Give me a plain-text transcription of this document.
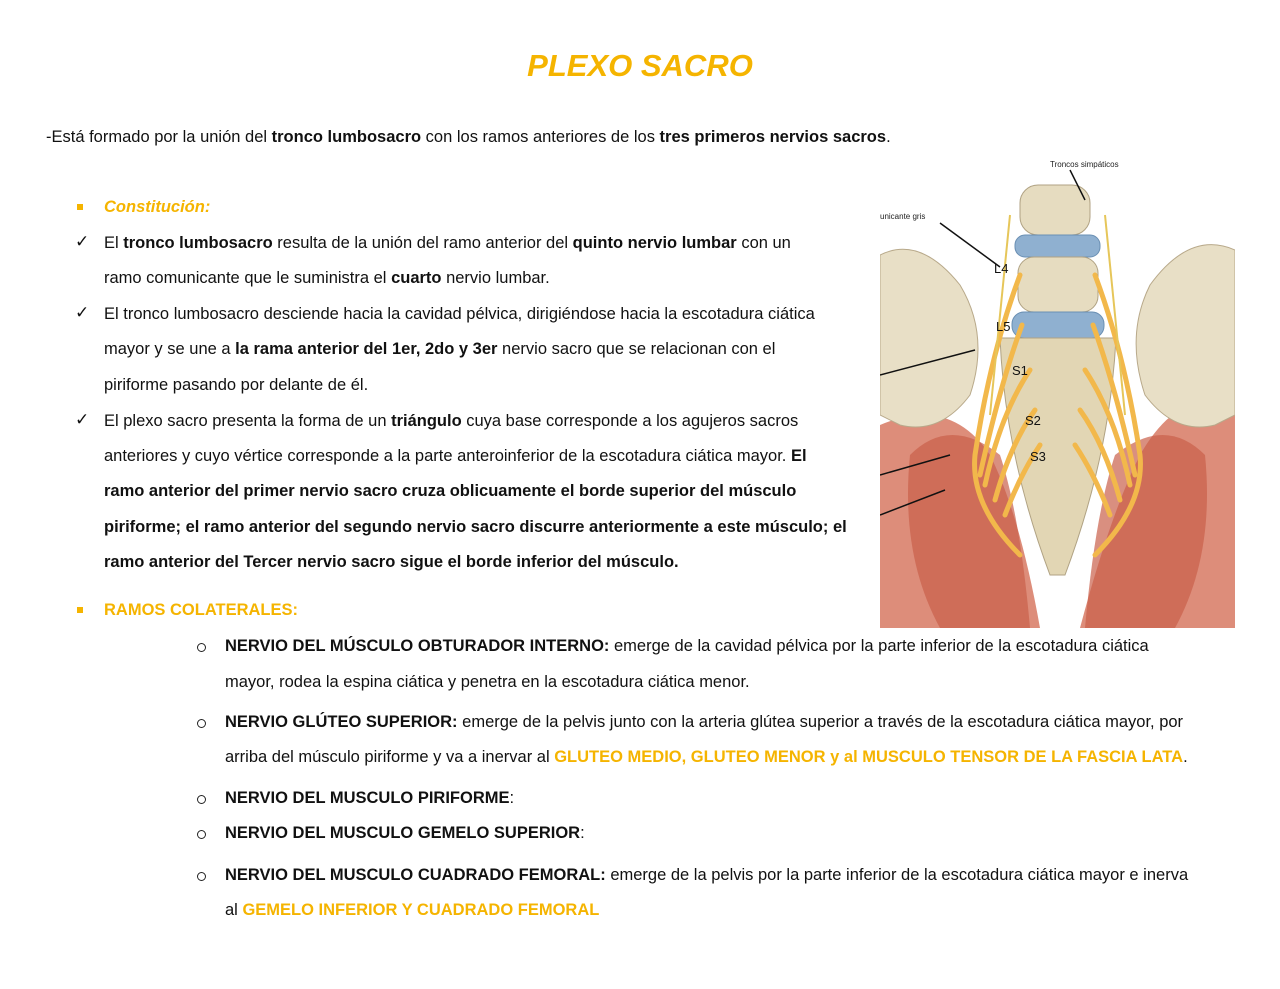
PLEXO SACRO
-Está formado por la unión del tronco lumbosacro con los ramos anteriores de los tres primeros nervios sacros.
Constitución:
✓ El tronco lumbosacro resulta de la unión del ramo anterior del quinto nervio lumbar con un
ramo comunicante que le suministra el cuarto nervio lumbar.
✓ El tronco lumbosacro desciende hacia la cavidad pélvica, dirigiéndose hacia la escotadura ciática
mayor y se une a la rama anterior del 1er, 2do y 3er nervio sacro que se relacionan con el
piriforme pasando por delante de él.
✓ El plexo sacro presenta la forma de un triángulo cuya base corresponde a los agujeros sacros
anteriores y cuyo vértice corresponde a la parte anteroinferior de la escotadura ciática mayor. El
ramo anterior del primer nervio sacro cruza oblicuamente el borde superior del músculo
piriforme; el ramo anterior del segundo nervio sacro discurre anteriormente a este músculo; el
ramo anterior del Tercer nervio sacro sigue el borde inferior del músculo.
RAMOS COLATERALES:
NERVIO DEL MÚSCULO OBTURADOR INTERNO: emerge de la cavidad pélvica por la parte inferior de la escotadura ciática
mayor, rodea la espina ciática y penetra en la escotadura ciática menor.
NERVIO GLÚTEO SUPERIOR: emerge de la pelvis junto con la arteria glútea superior a través de la escotadura ciática mayor, por
arriba del músculo piriforme y va a inervar al GLUTEO MEDIO, GLUTEO MENOR y al MUSCULO TENSOR DE LA FASCIA LATA.
NERVIO DEL MUSCULO PIRIFORME:
NERVIO DEL MUSCULO GEMELO SUPERIOR:
NERVIO DEL MUSCULO CUADRADO FEMORAL: emerge de la pelvis por la parte inferior de la escotadura ciática mayor e inerva
al GEMELO INFERIOR Y CUADRADO FEMORAL
Troncos simpáticos
unicante gris
L4
L5
S1
S2
S3
